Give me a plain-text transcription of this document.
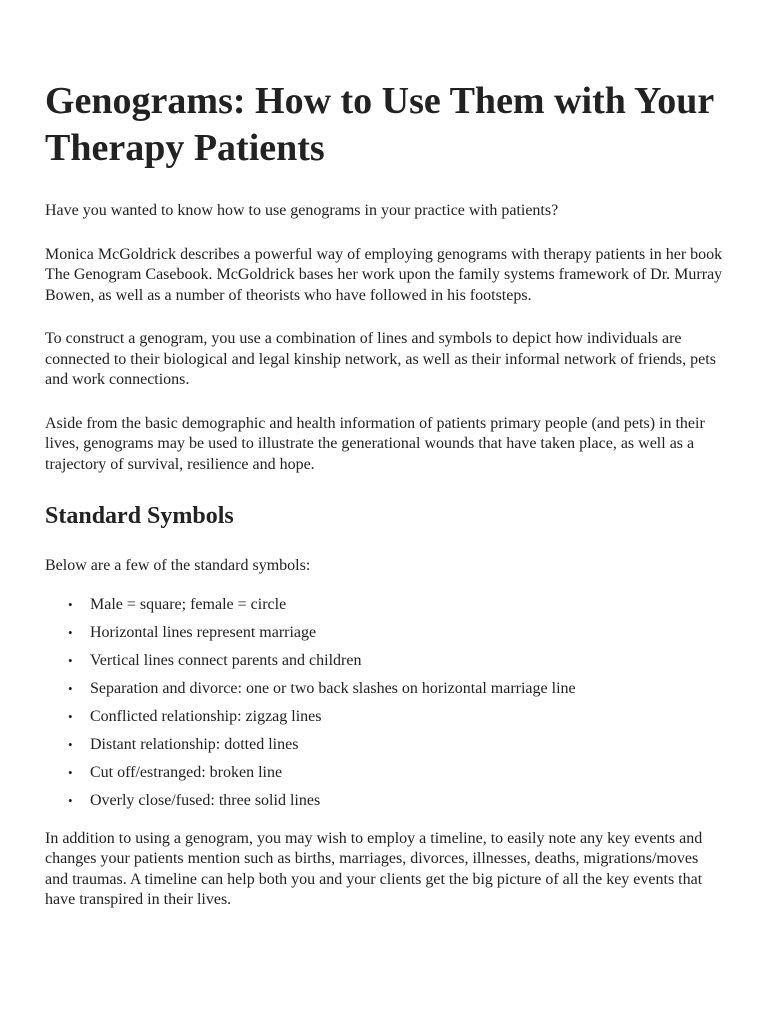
Genograms: How to Use Them with Your Therapy Patients

Have you wanted to know how to use genograms in your practice with patients?

Monica McGoldrick describes a powerful way of employing genograms with therapy patients in her book The Genogram Casebook. McGoldrick bases her work upon the family systems framework of Dr. Murray Bowen, as well as a number of theorists who have followed in his footsteps.

To construct a genogram, you use a combination of lines and symbols to depict how individuals are connected to their biological and legal kinship network, as well as their informal network of friends, pets and work connections.

Aside from the basic demographic and health information of patients primary people (and pets) in their lives, genograms may be used to illustrate the generational wounds that have taken place, as well as a trajectory of survival, resilience and hope.

Standard Symbols

Below are a few of the standard symbols:

• Male = square; female = circle
• Horizontal lines represent marriage
• Vertical lines connect parents and children
• Separation and divorce: one or two back slashes on horizontal marriage line
• Conflicted relationship: zigzag lines
• Distant relationship: dotted lines
• Cut off/estranged: broken line
• Overly close/fused: three solid lines

In addition to using a genogram, you may wish to employ a timeline, to easily note any key events and changes your patients mention such as births, marriages, divorces, illnesses, deaths, migrations/moves and traumas. A timeline can help both you and your clients get the big picture of all the key events that have transpired in their lives.
